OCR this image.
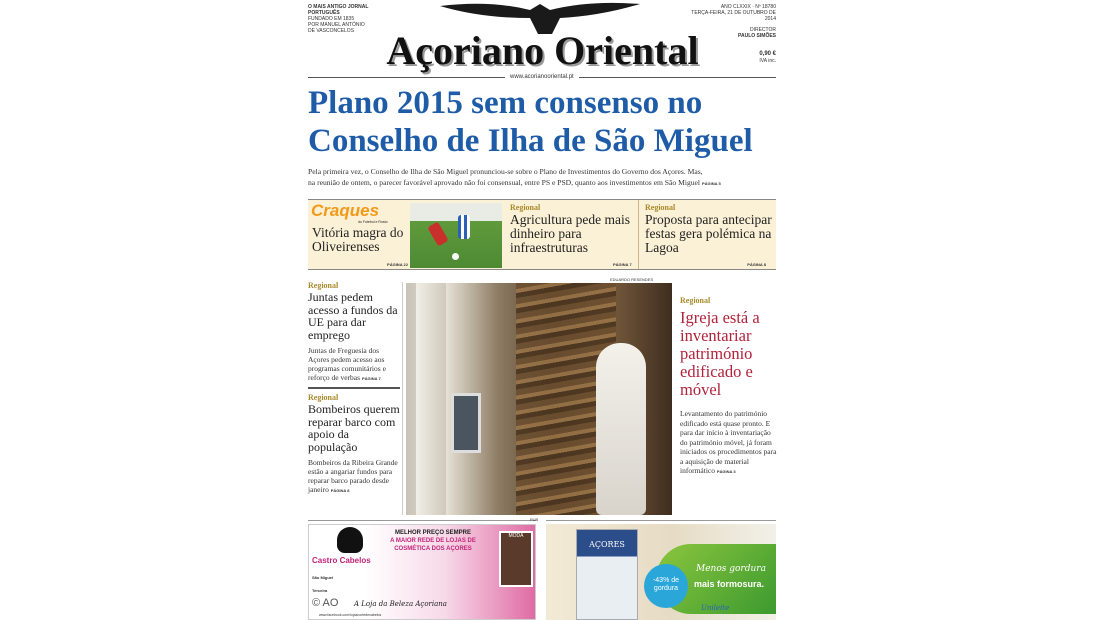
O MAIS ANTIGO JORNAL PORTUGUÊS
FUNDADO EM 1835
POR MANUEL ANTÓNIO
DE VASCONCELOS Açoriano Oriental
ANO CLXXIX · Nº 18780
TERÇA-FEIRA, 21 DE OUTUBRO DE 2014
DIRECTOR
PAULO SIMÕES
0,90 €
IVA inc.
www.acorianooriental.pt
Plano 2015 sem consenso no
Conselho de Ilha de São Miguel
Pela primeira vez, o Conselho de Ilha de São Miguel pronunciou-se sobre o Plano de Investimentos do Governo dos Açores. Mas,
na reunião de ontem, o parecer favorável aprovado não foi consensual, entre PS e PSD, quanto aos investimentos em São Miguel PÁGINA 5
Craques
do Futebol e Rosto
Vitória magra do Oliveirenses
PÁGINA 22
Regional
Agricultura pede mais dinheiro para infraestruturas
PÁGINA 7
Regional
Proposta para antecipar festas gera polémica na Lagoa
PÁGINA 8
Regional
Juntas pedem acesso a fundos da UE para dar emprego
Juntas de Freguesia dos Açores pedem acesso aos programas comunitários e reforço de verbas PÁGINA 7
Regional
Bombeiros querem reparar barco com apoio da população
Bombeiros da Ribeira Grande estão a angariar fundos para reparar barco parado desde janeiro PÁGINA 8
EDUARDO RESENDES
Regional
Igreja está a inventariar património edificado e móvel
Levantamento do património edificado está quase pronto. E para dar início à inventariação do património móvel, já foram iniciados os procedimentos para a aquisição de material informático PÁGINA 3
PUB
Castro Cabelos
MELHOR PREÇO SEMPRE
A MAIOR REDE DE LOJAS DE
COSMÉTICA DOS AÇORES
São Miguel
Terceira
© AO A Loja da Beleza Açoriana
www.facebook.com/lojasnortedecabelos
MODA
AÇORES
-43% de gordura
Menos gordura
mais formosura.
Unileite
